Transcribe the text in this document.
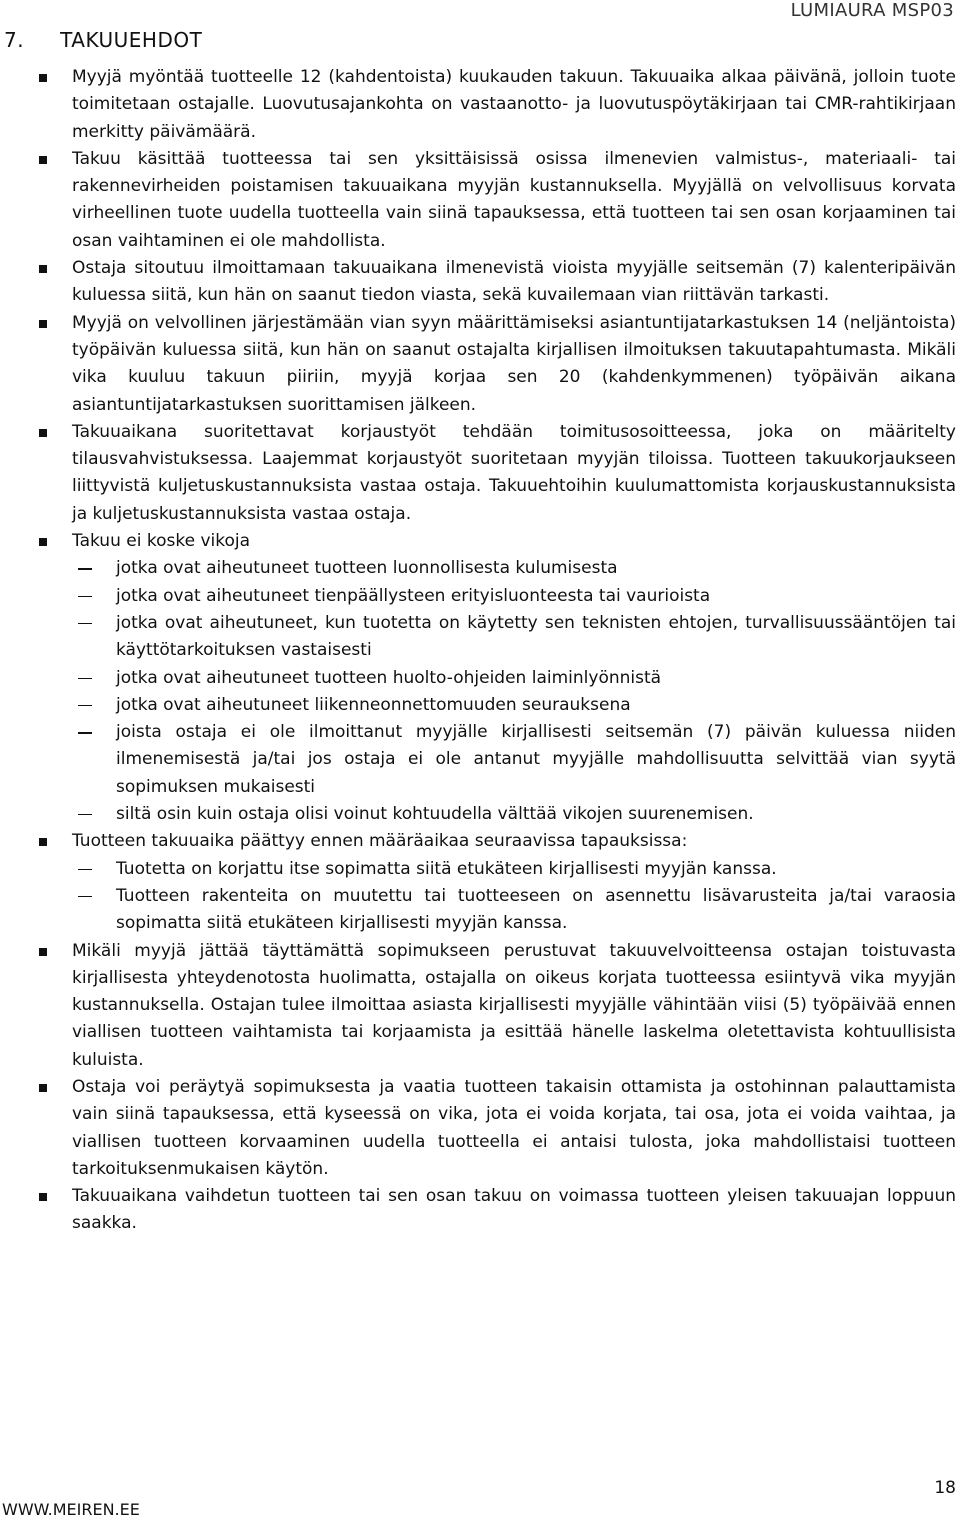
LUMIAURA MSP03
7. TAKUUEHDOT
Myyjä myöntää tuotteelle 12 (kahdentoista) kuukauden takuun. Takuuaika alkaa päivänä, jolloin tuote toimitetaan ostajalle. Luovutusajankohta on vastaanotto- ja luovutuspöytäkirjaan tai CMR-rahtikirjaan merkitty päivämäärä.
Takuu käsittää tuotteessa tai sen yksittäisissä osissa ilmenevien valmistus-, materiaali- tai rakennevirheiden poistamisen takuuaikana myyjän kustannuksella. Myyjällä on velvollisuus korvata virheellinen tuote uudella tuotteella vain siinä tapauksessa, että tuotteen tai sen osan korjaaminen tai osan vaihtaminen ei ole mahdollista.
Ostaja sitoutuu ilmoittamaan takuuaikana ilmenevistä vioista myyjälle seitsemän (7) kalenteripäivän kuluessa siitä, kun hän on saanut tiedon viasta, sekä kuvailemaan vian riittävän tarkasti.
Myyjä on velvollinen järjestämään vian syyn määrittämiseksi asiantuntijatarkastuksen 14 (neljäntoista) työpäivän kuluessa siitä, kun hän on saanut ostajalta kirjallisen ilmoituksen takuutapahtumasta. Mikäli vika kuuluu takuun piiriin, myyjä korjaa sen 20 (kahdenkymmenen) työpäivän aikana asiantuntijatarkastuksen suorittamisen jälkeen.
Takuuaikana suoritettavat korjaustyöt tehdään toimitusosoitteessa, joka on määritelty tilausvahvistuksessa. Laajemmat korjaustyöt suoritetaan myyjän tiloissa. Tuotteen takuukorjaukseen liittyvistä kuljetuskustannuksista vastaa ostaja. Takuuehtoihin kuulumattomista korjauskustannuksista ja kuljetuskustannuksista vastaa ostaja.
Takuu ei koske vikoja
jotka ovat aiheutuneet tuotteen luonnollisesta kulumisesta
jotka ovat aiheutuneet tienpäällysteen erityisluonteesta tai vaurioista
jotka ovat aiheutuneet, kun tuotetta on käytetty sen teknisten ehtojen, turvallisuussääntöjen tai käyttötarkoituksen vastaisesti
jotka ovat aiheutuneet tuotteen huolto-ohjeiden laiminlyönnistä
jotka ovat aiheutuneet liikenneonnettomuuden seurauksena
joista ostaja ei ole ilmoittanut myyjälle kirjallisesti seitsemän (7) päivän kuluessa niiden ilmenemisestä ja/tai jos ostaja ei ole antanut myyjälle mahdollisuutta selvittää vian syytä sopimuksen mukaisesti
siltä osin kuin ostaja olisi voinut kohtuudella välttää vikojen suurenemisen.
Tuotteen takuuaika päättyy ennen määräaikaa seuraavissa tapauksissa:
Tuotetta on korjattu itse sopimatta siitä etukäteen kirjallisesti myyjän kanssa.
Tuotteen rakenteita on muutettu tai tuotteeseen on asennettu lisävarusteita ja/tai varaosia sopimatta siitä etukäteen kirjallisesti myyjän kanssa.
Mikäli myyjä jättää täyttämättä sopimukseen perustuvat takuuvelvoitteensa ostajan toistuvasta kirjallisesta yhteydenotosta huolimatta, ostajalla on oikeus korjata tuotteessa esiintyvä vika myyjän kustannuksella. Ostajan tulee ilmoittaa asiasta kirjallisesti myyjälle vähintään viisi (5) työpäivää ennen viallisen tuotteen vaihtamista tai korjaamista ja esittää hänelle laskelma oletettavista kohtuullisista kuluista.
Ostaja voi peräytyä sopimuksesta ja vaatia tuotteen takaisin ottamista ja ostohinnan palauttamista vain siinä tapauksessa, että kyseessä on vika, jota ei voida korjata, tai osa, jota ei voida vaihtaa, ja viallisen tuotteen korvaaminen uudella tuotteella ei antaisi tulosta, joka mahdollistaisi tuotteen tarkoituksenmukaisen käytön.
Takuuaikana vaihdetun tuotteen tai sen osan takuu on voimassa tuotteen yleisen takuuajan loppuun saakka.
18
WWW.MEIREN.EE
